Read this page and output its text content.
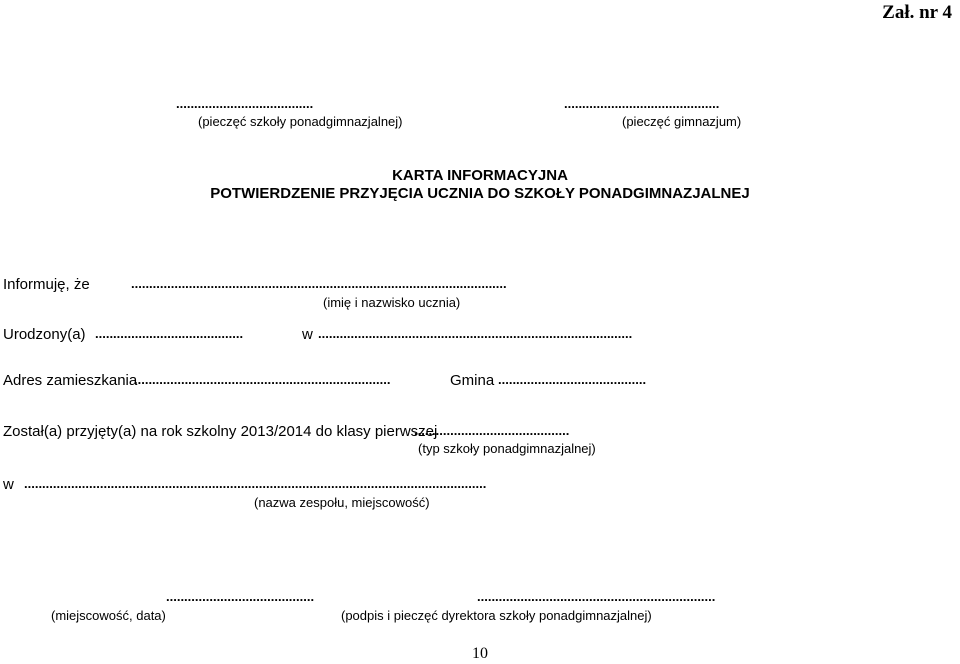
Zał. nr 4
......................................
(pieczęć szkoły ponadgimnazjalnej)
...........................................
(pieczęć gimnazjum)
KARTA INFORMACYJNA
POTWIERDZENIE PRZYJĘCIA UCZNIA DO SZKOŁY PONADGIMNAZJALNEJ
Informuję, że	........................................................................................................
(imię i nazwisko ucznia)
Urodzony(a) .........................................	w .......................................................................................
Adres zamieszkania
.......................................................................	Gmina .........................................
Został(a) przyjęty(a) na rok szkolny 2013/2014 do klasy pierwszej
...........................................
(typ szkoły ponadgimnazjalnej)
w ................................................................................................................................
(nazwa zespołu, miejscowość)
.........................................
(miejscowość, data)
..................................................................
(podpis i pieczęć dyrektora szkoły ponadgimnazjalnej)
10
